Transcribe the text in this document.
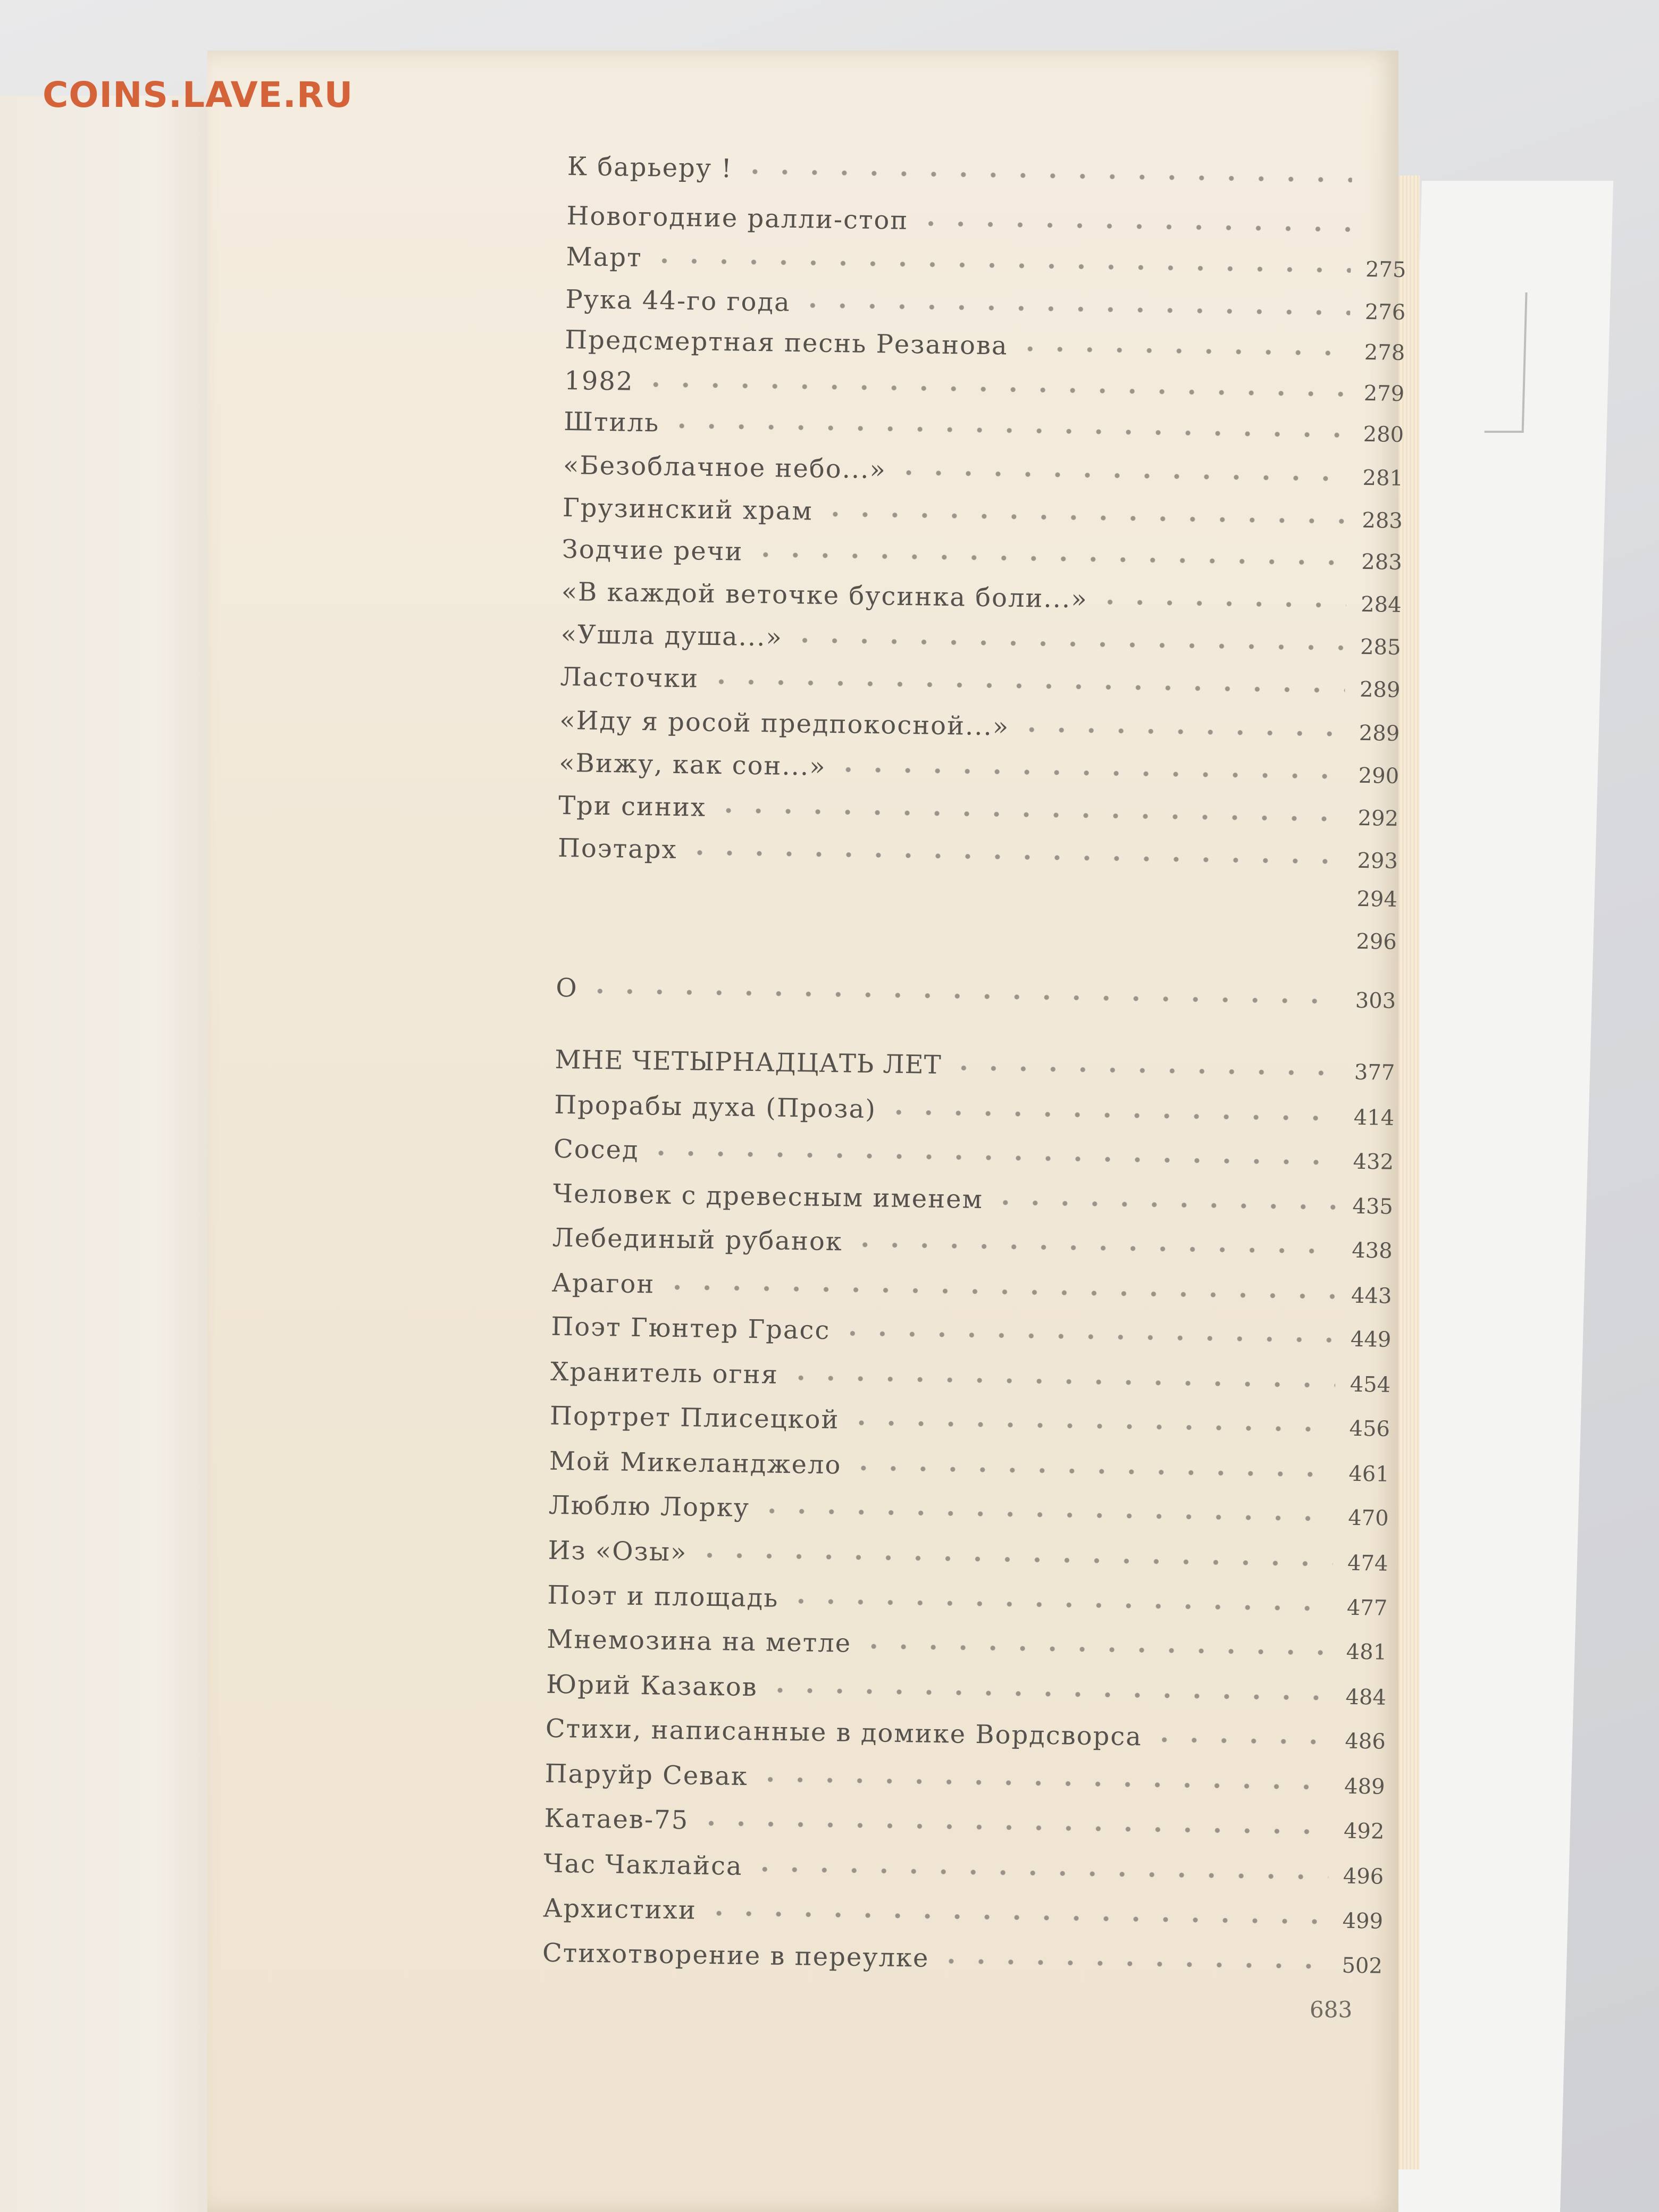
К барьеру !
Новогодние ралли-стоп
Март	275
Рука 44-го года	276
Предсмертная песнь Резанова	278
1982	279
Штиль	280
«Безоблачное небо...»	281
Грузинский храм	283
Зодчие речи	283
«В каждой веточке бусинка боли...»	284
«Ушла душа...»	285
Ласточки	289
«Иду я росой предпокосной...»	289
«Вижу, как сон...»	290
Три синих	292
Поэтарх	293
294
296
О	303
МНЕ ЧЕТЫРНАДЦАТЬ ЛЕТ	377
Прорабы духа (Проза)	414
Сосед	432
Человек с древесным именем	435
Лебединый рубанок	438
Арагон	443
Поэт Гюнтер Грасс	449
Хранитель огня	454
Портрет Плисецкой	456
Мой Микеланджело	461
Люблю Лорку	470
Из «Озы»	474
Поэт и площадь	477
Мнемозина на метле	481
Юрий Казаков	484
Стихи, написанные в домике Вордсворса	486
Паруйр Севак	489
Катаев-75	492
Час Чаклайса	496
Архистихи	499
Стихотворение в переулке	502
683
COINS.LAVE.RU
